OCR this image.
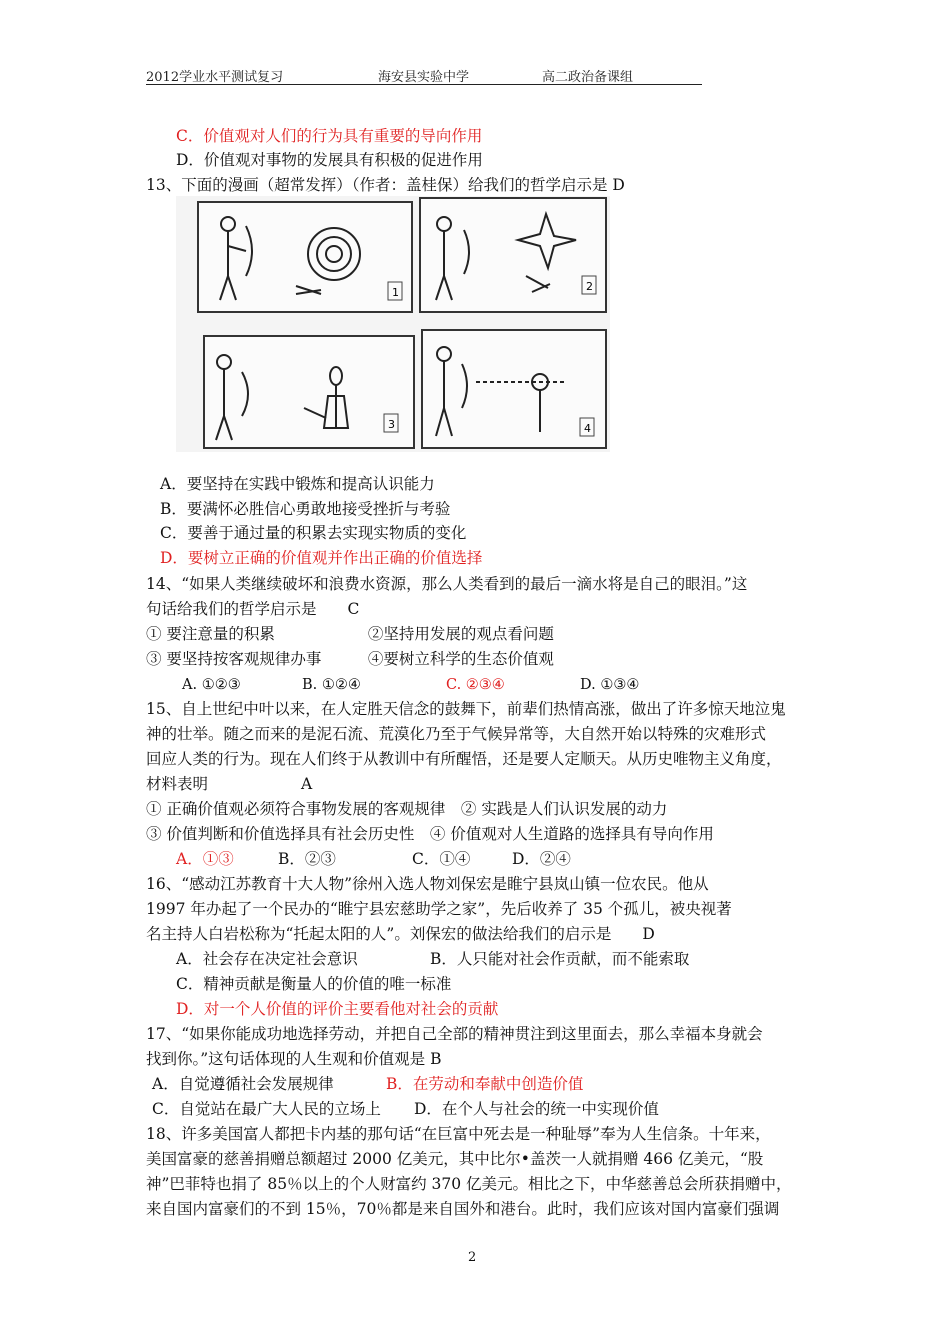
2012学业水平测试复习	海安县实验中学	高二政治备课组
C．价值观对人们的行为具有重要的导向作用
D．价值观对事物的发展具有积极的促进作用
13、下面的漫画（超常发挥）（作者：盖桂保）给我们的哲学启示是 D
1	2
3	4
A．要坚持在实践中锻炼和提高认识能力
B．要满怀必胜信心勇敢地接受挫折与考验
C．要善于通过量的积累去实现实物质的变化
D．要树立正确的价值观并作出正确的价值选择
14、“如果人类继续破坏和浪费水资源，那么人类看到的最后一滴水将是自己的眼泪。”这
句话给我们的哲学启示是　　C
① 要注意量的积累　　　　　　②坚持用发展的观点看问题
③ 要坚持按客观规律办事　　　④要树立科学的生态价值观
A. ①②③	B. ①②④	C. ②③④	D. ①③④
15、自上世纪中叶以来，在人定胜天信念的鼓舞下，前辈们热情高涨，做出了许多惊天地泣鬼
神的壮举。随之而来的是泥石流、荒漠化乃至于气候异常等，大自然开始以特殊的灾难形式
回应人类的行为。现在人们终于从教训中有所醒悟，还是要人定顺天。从历史唯物主义角度，
材料表明　　　　　　A
① 正确价值观必须符合事物发展的客观规律　② 实践是人们认识发展的动力
③ 价值判断和价值选择具有社会历史性　④ 价值观对人生道路的选择具有导向作用
A．①③	B．②③	C．①④	D．②④
16、“感动江苏教育十大人物”徐州入选人物刘保宏是睢宁县岚山镇一位农民。他从
1997 年办起了一个民办的“睢宁县宏慈助学之家”，先后收养了 35 个孤儿，被央视著
名主持人白岩松称为“托起太阳的人”。刘保宏的做法给我们的启示是　　D
A．社会存在决定社会意识	B．人只能对社会作贡献，而不能索取
C．精神贡献是衡量人的价值的唯一标准
D．对一个人价值的评价主要看他对社会的贡献
17、“如果你能成功地选择劳动，并把自己全部的精神贯注到这里面去，那么幸福本身就会
找到你。”这句话体现的人生观和价值观是 B
A．自觉遵循社会发展规律	B．在劳动和奉献中创造价值
C．自觉站在最广大人民的立场上 D．在个人与社会的统一中实现价值
18、许多美国富人都把卡内基的那句话“在巨富中死去是一种耻辱”奉为人生信条。十年来，
美国富豪的慈善捐赠总额超过 2000 亿美元，其中比尔•盖茨一人就捐赠 466 亿美元，“股
神”巴菲特也捐了 85％以上的个人财富约 370 亿美元。相比之下，中华慈善总会所获捐赠中，
来自国内富豪们的不到 15％，70％都是来自国外和港台。此时，我们应该对国内富豪们强调
2
